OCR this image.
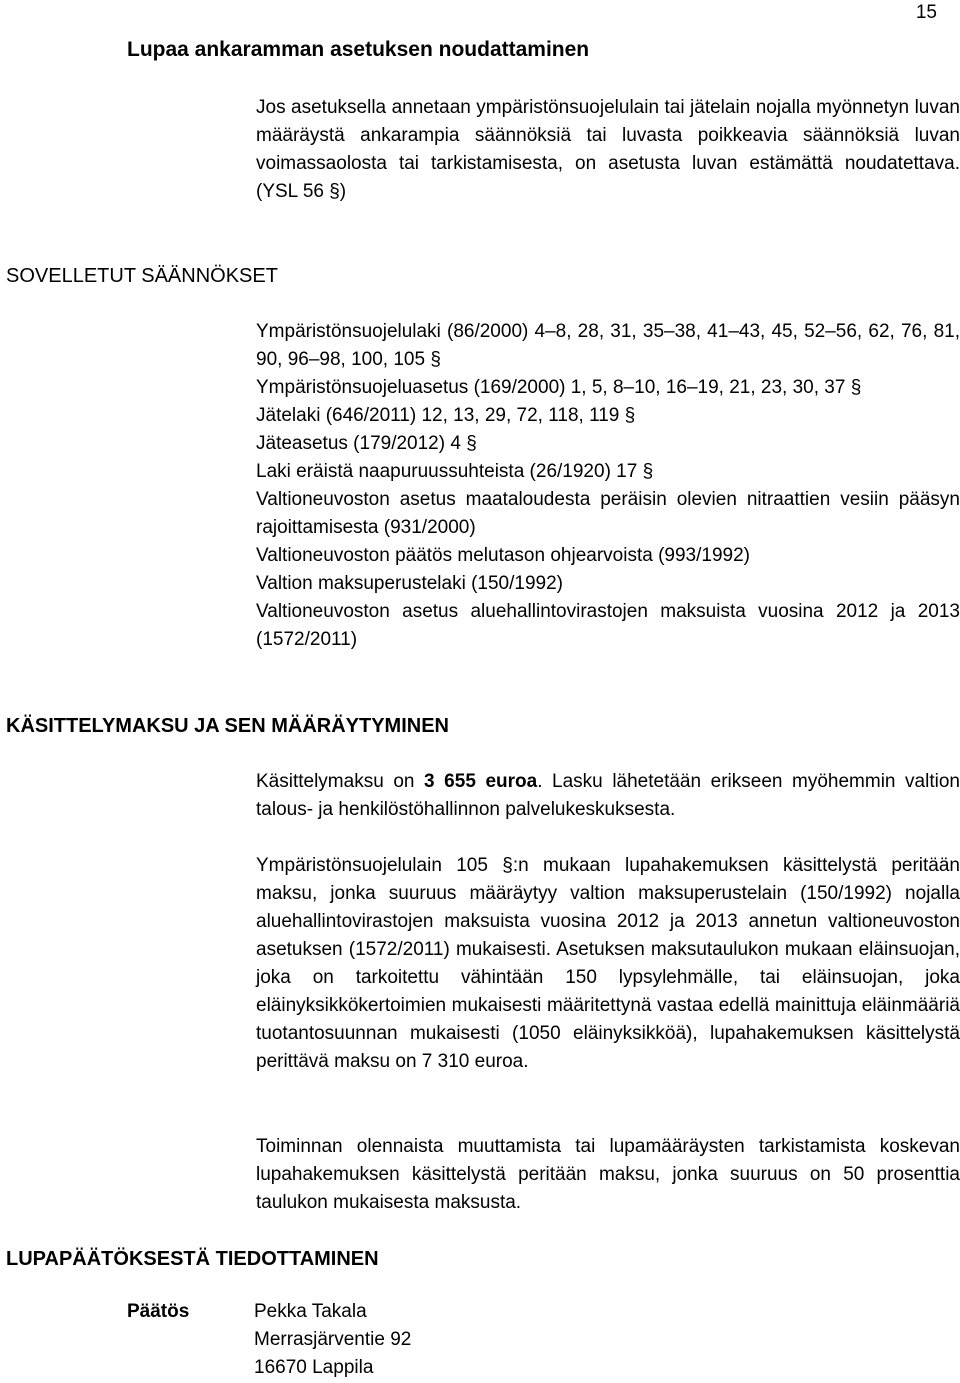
15
Lupaa ankaramman asetuksen noudattaminen

Jos asetuksella annetaan ympäristönsuojelulain tai jätelain nojalla myönnetyn luvan määräystä ankarampia säännöksiä tai luvasta poikkeavia säännöksiä luvan voimassaolosta tai tarkistamisesta, on asetusta luvan estämättä noudatettava. (YSL 56 §)

SOVELLETUT SÄÄNNÖKSET
Ympäristönsuojelulaki (86/2000) 4–8, 28, 31, 35–38, 41–43, 45, 52–56, 62, 76, 81, 90, 96–98, 100, 105 §
Ympäristönsuojeluasetus (169/2000) 1, 5, 8–10, 16–19, 21, 23, 30, 37 §
Jätelaki (646/2011) 12, 13, 29, 72, 118, 119 §
Jäteasetus (179/2012) 4 §
Laki eräistä naapuruussuhteista (26/1920) 17 §
Valtioneuvoston asetus maataloudesta peräisin olevien nitraattien vesiin pääsyn rajoittamisesta (931/2000)
Valtioneuvoston päätös melutason ohjearvoista (993/1992)
Valtion maksuperustelaki (150/1992)
Valtioneuvoston asetus aluehallintovirastojen maksuista vuosina 2012 ja 2013 (1572/2011)
KÄSITTELYMAKSU JA SEN MÄÄRÄYTYMINEN

Käsittelymaksu on 3 655 euroa. Lasku lähetetään erikseen myöhemmin valtion talous- ja henkilöstöhallinnon palvelukeskuksesta.

Ympäristönsuojelulain 105 §:n mukaan lupahakemuksen käsittelystä peritään maksu, jonka suuruus määräytyy valtion maksuperustelain (150/1992) nojalla aluehallintovirastojen maksuista vuosina 2012 ja 2013 annetun valtioneuvoston asetuksen (1572/2011) mukaisesti. Asetuksen maksutaulukon mukaan eläinsuojan, joka on tarkoitettu vähintään 150 lypsylehmälle, tai eläinsuojan, joka eläinyksikkökertoimien mukaisesti määritettynä vastaa edellä mainittuja eläinmääriä tuotantosuunnan mukaisesti (1050 eläinyksikköä), lupahakemuksen käsittelystä perittävä maksu on 7 310 euroa.

Toiminnan olennaista muuttamista tai lupamääräysten tarkistamista koskevan lupahakemuksen käsittelystä peritään maksu, jonka suuruus on 50 prosenttia taulukon mukaisesta maksusta.

LUPAPÄÄTÖKSESTÄ TIEDOTTAMINEN
Päätös	Pekka Takala
Merrasjärventie 92
16670 Lappila
